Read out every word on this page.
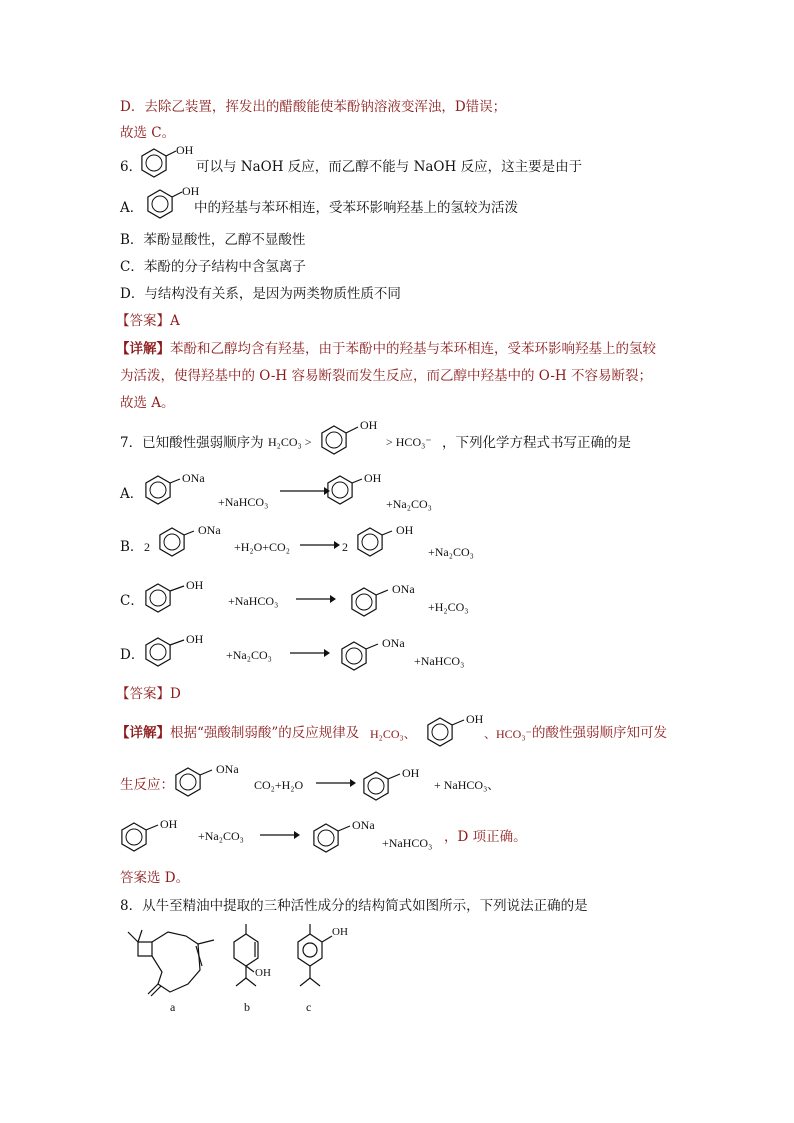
D．去除乙装置，挥发出的醋酸能使苯酚钠溶液变浑浊，D错误；
故选 C。
6．
OH
可以与 NaOH 反应，而乙醇不能与 NaOH 反应，这主要是由于
A．
OH
中的羟基与苯环相连，受苯环影响羟基上的氢较为活泼
B．苯酚显酸性，乙醇不显酸性
C．苯酚的分子结构中含氢离子
D．与结构没有关系，是因为两类物质性质不同
【答案】A
【详解】苯酚和乙醇均含有羟基，由于苯酚中的羟基与苯环相连，受苯环影响羟基上的氢较
为活泼，使得羟基中的 O-H 容易断裂而发生反应，而乙醇中羟基中的 O-H 不容易断裂；
故选 A。
7．已知酸性强弱顺序为 H₂CO₃ >
OH
> HCO₃⁻ ，下列化学方程式书写正确的是
A．
ONa
+NaHCO₃
OH
+Na₂CO₃
B． 2
ONa
+H₂O+CO₂ → 2
OH
+Na₂CO₃
C．
OH
+NaHCO₃ →
ONa
+H₂CO₃
D．
OH
+Na₂CO₃ →
ONa
+NaHCO₃
【答案】D
【详解】根据“强酸制弱酸”的反应规律及 H₂CO₃、
OH
、HCO₃⁻ 的酸性强弱顺序知可发
生反应：
ONa
CO₂+H₂O →
OH
+ NaHCO₃、
OH
+Na₂CO₃ →
ONa
+NaHCO₃ ，D 项正确。
答案选 D。
8．从牛至精油中提取的三种活性成分的结构简式如图所示，下列说法正确的是
a
OH
b
OH
c
